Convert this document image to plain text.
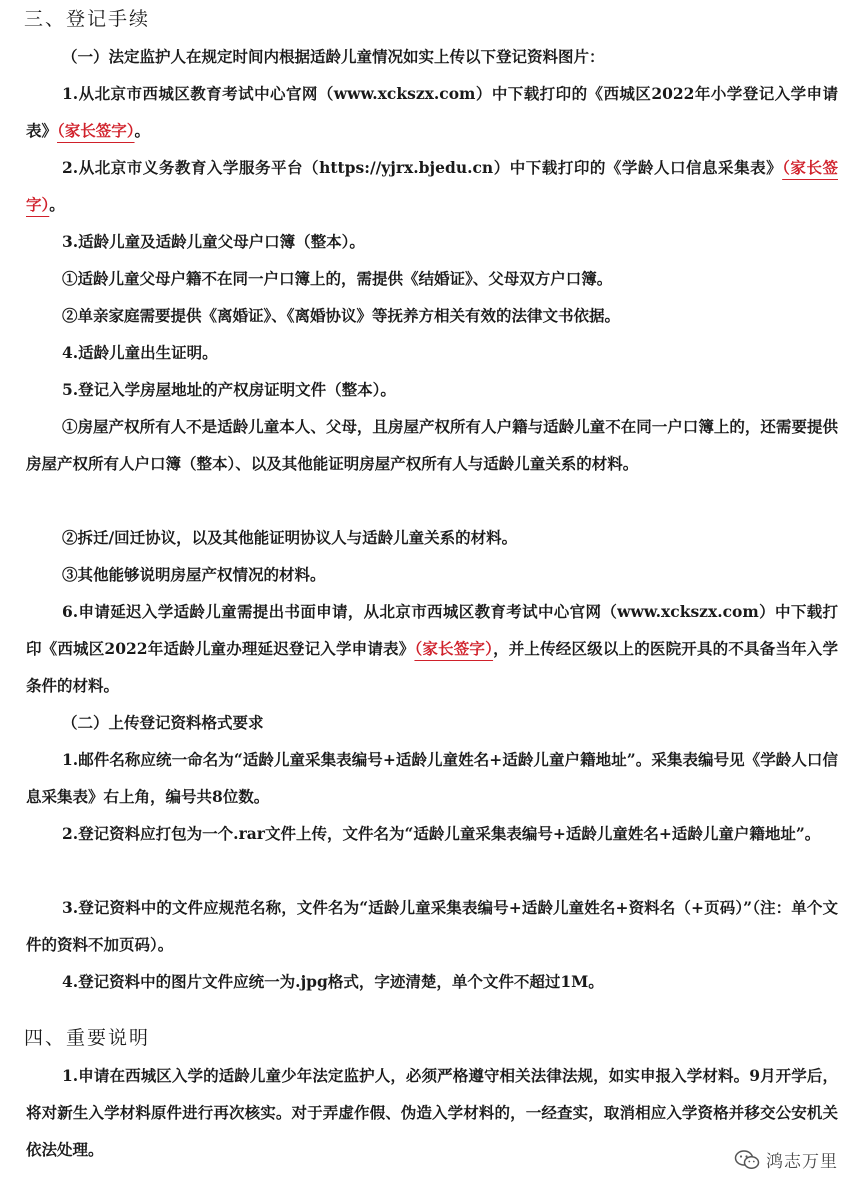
三、登记手续

（一）法定监护人在规定时间内根据适龄儿童情况如实上传以下登记资料图片：

1.从北京市西城区教育考试中心官网（www.xckszx.com）中下载打印的《西城区2022年小学登记入学申请表》（家长签字）。

2.从北京市义务教育入学服务平台（https://yjrx.bjedu.cn）中下载打印的《学龄人口信息采集表》（家长签字）。

3.适龄儿童及适龄儿童父母户口簿（整本）。

①适龄儿童父母户籍不在同一户口簿上的，需提供《结婚证》、父母双方户口簿。

②单亲家庭需要提供《离婚证》、《离婚协议》等抚养方相关有效的法律文书依据。

4.适龄儿童出生证明。

5.登记入学房屋地址的产权房证明文件（整本）。

①房屋产权所有人不是适龄儿童本人、父母，且房屋产权所有人户籍与适龄儿童不在同一户口簿上的，还需要提供房屋产权所有人户口簿（整本）、以及其他能证明房屋产权所有人与适龄儿童关系的材料。

②拆迁/回迁协议，以及其他能证明协议人与适龄儿童关系的材料。

③其他能够说明房屋产权情况的材料。

6.申请延迟入学适龄儿童需提出书面申请，从北京市西城区教育考试中心官网（www.xckszx.com）中下载打印《西城区2022年适龄儿童办理延迟登记入学申请表》（家长签字），并上传经区级以上的医院开具的不具备当年入学条件的材料。

（二）上传登记资料格式要求

1.邮件名称应统一命名为“适龄儿童采集表编号+适龄儿童姓名+适龄儿童户籍地址”。采集表编号见《学龄人口信息采集表》右上角，编号共8位数。

2.登记资料应打包为一个.rar文件上传，文件名为“适龄儿童采集表编号+适龄儿童姓名+适龄儿童户籍地址”。

3.登记资料中的文件应规范名称，文件名为“适龄儿童采集表编号+适龄儿童姓名+资料名（+页码）”（注：单个文件的资料不加页码）。

4.登记资料中的图片文件应统一为.jpg格式，字迹清楚，单个文件不超过1M。

四、重要说明

1.申请在西城区入学的适龄儿童少年法定监护人，必须严格遵守相关法律法规，如实申报入学材料。9月开学后，将对新生入学材料原件进行再次核实。对于弄虚作假、伪造入学材料的，一经查实，取消相应入学资格并移交公安机关依法处理。

鸿志万里
